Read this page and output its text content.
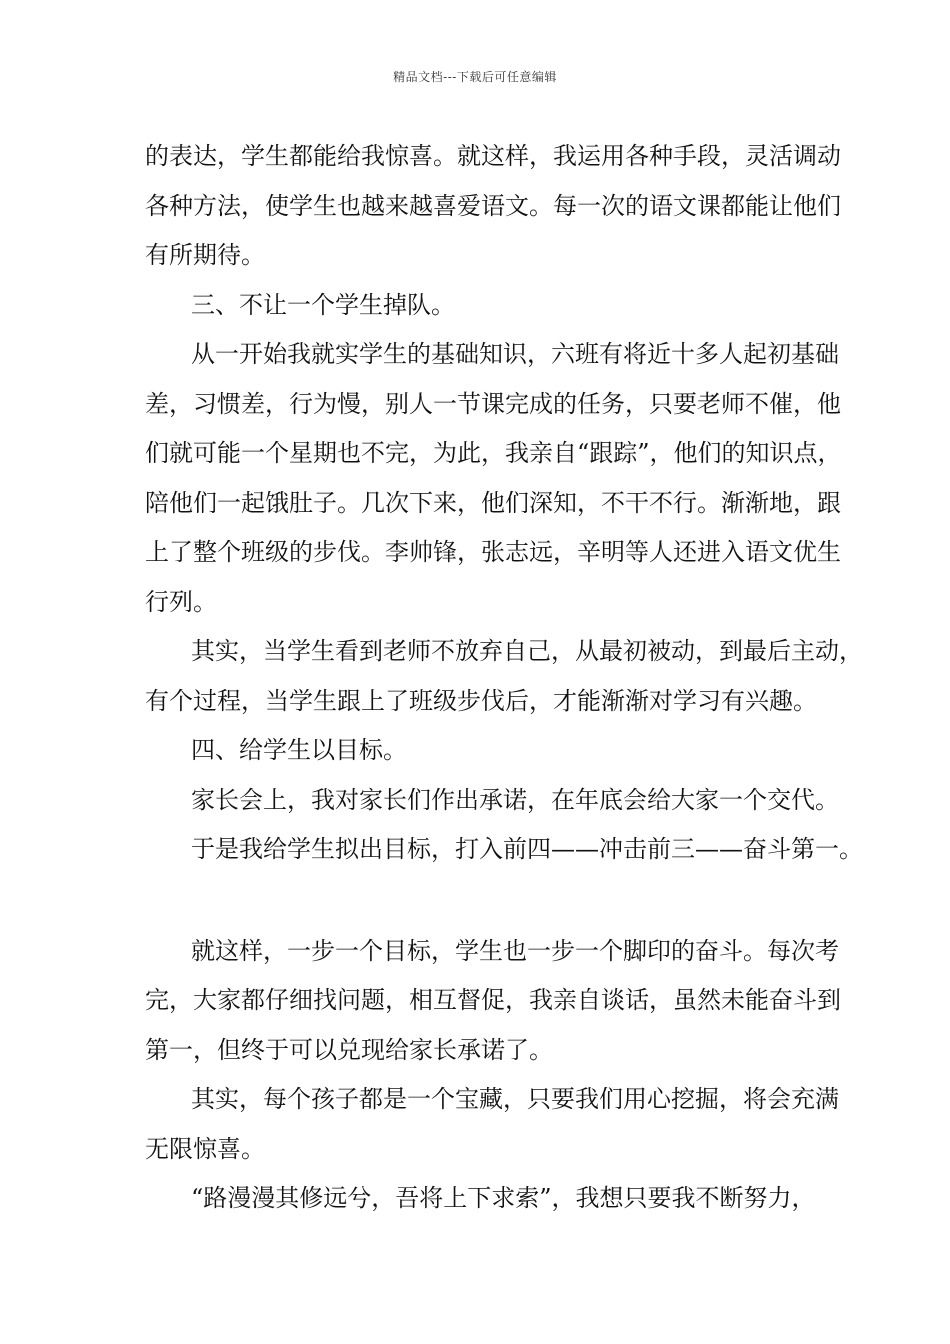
精品文档---下载后可任意编辑

的表达，学生都能给我惊喜。就这样，我运用各种手段，灵活调动
各种方法，使学生也越来越喜爱语文。每一次的语文课都能让他们
有所期待。

三、不让一个学生掉队。

从一开始我就实学生的基础知识，六班有将近十多人起初基础
差，习惯差，行为慢，别人一节课完成的任务，只要老师不催，他
们就可能一个星期也不完，为此，我亲自“跟踪”，他们的知识点，
陪他们一起饿肚子。几次下来，他们深知，不干不行。渐渐地，跟
上了整个班级的步伐。李帅锋，张志远，辛明等人还进入语文优生
行列。

其实，当学生看到老师不放弃自己，从最初被动，到最后主动，
有个过程，当学生跟上了班级步伐后，才能渐渐对学习有兴趣。

四、给学生以目标。

家长会上，我对家长们作出承诺，在年底会给大家一个交代。

于是我给学生拟出目标，打入前四——冲击前三——奋斗第一。

就这样，一步一个目标，学生也一步一个脚印的奋斗。每次考
完，大家都仔细找问题，相互督促，我亲自谈话，虽然未能奋斗到
第一，但终于可以兑现给家长承诺了。

其实，每个孩子都是一个宝藏，只要我们用心挖掘，将会充满
无限惊喜。

“路漫漫其修远兮，吾将上下求索”，我想只要我不断努力，
